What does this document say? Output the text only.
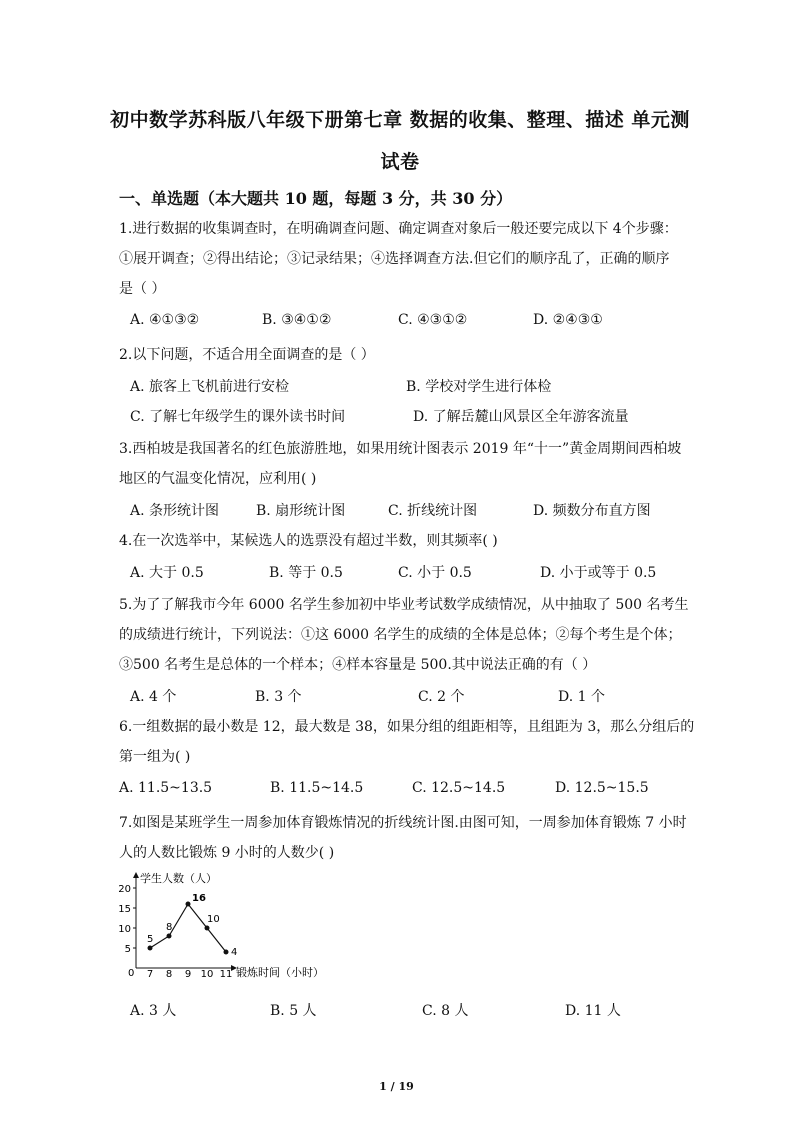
初中数学苏科版八年级下册第七章 数据的收集、整理、描述 单元测
试卷
一、单选题（本大题共 10 题，每题 3 分，共 30 分）
1.进行数据的收集调查时，在明确调查问题、确定调查对象后一般还要完成以下 4个步骤：
①展开调查；②得出结论；③记录结果；④选择调查方法.但它们的顺序乱了，正确的顺序
是（ ）
A. ④①③②	B. ③④①②	C. ④③①②	D. ②④③①
2.以下问题，不适合用全面调查的是（ ）
A. 旅客上飞机前进行安检	B. 学校对学生进行体检
C. 了解七年级学生的课外读书时间	D. 了解岳麓山风景区全年游客流量
3.西柏坡是我国著名的红色旅游胜地，如果用统计图表示 2019 年“十一”黄金周期间西柏坡
地区的气温变化情况，应利用( )
A. 条形统计图	B. 扇形统计图	C. 折线统计图	D. 频数分布直方图
4.在一次选举中，某候选人的选票没有超过半数，则其频率( )
A. 大于 0.5	B. 等于 0.5	C. 小于 0.5	D. 小于或等于 0.5
5.为了了解我市今年 6000 名学生参加初中毕业考试数学成绩情况，从中抽取了 500 名考生
的成绩进行统计，下列说法：①这 6000 名学生的成绩的全体是总体；②每个考生是个体；
③500 名考生是总体的一个样本；④样本容量是 500.其中说法正确的有（ ）
A. 4 个	B. 3 个	C. 2 个	D. 1 个
6.一组数据的最小数是 12，最大数是 38，如果分组的组距相等，且组距为 3，那么分组后的
第一组为( )
A. 11.5~13.5	B. 11.5~14.5	C. 12.5~14.5	D. 12.5~15.5
7.如图是某班学生一周参加体育锻炼情况的折线统计图.由图可知，一周参加体育锻炼 7 小时
人的人数比锻炼 9 小时的人数少( )
学生人数（人）
锻炼时间（小时）
0
5
10
15
20
7 8 9 10 11
5
8
16
10
4
A. 3 人	B. 5 人	C. 8 人	D. 11 人
1 / 19
